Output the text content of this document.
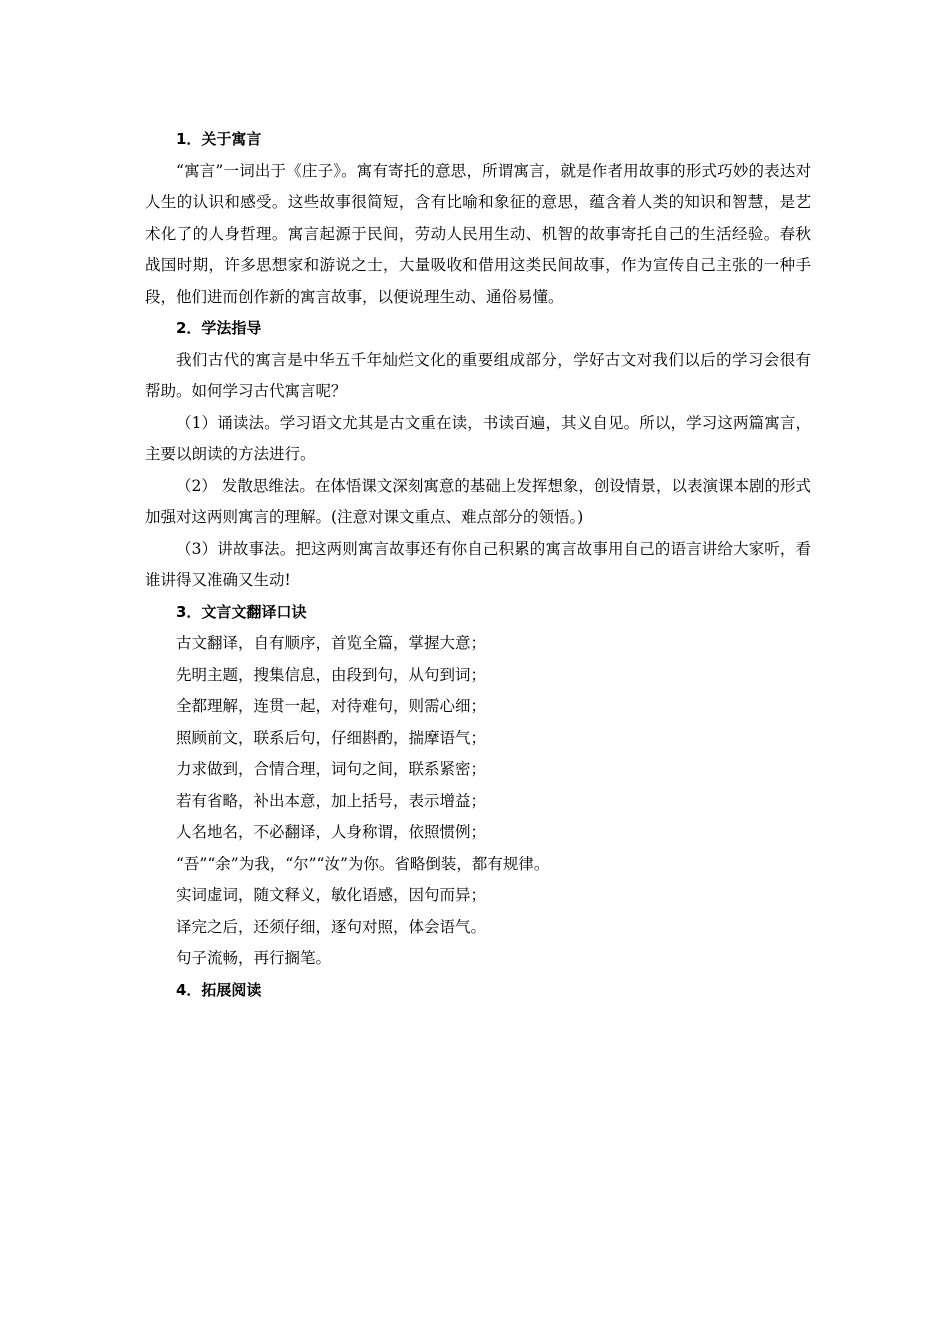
1．关于寓言

“寓言”一词出于《庄子》。寓有寄托的意思，所谓寓言，就是作者用故事的形式巧妙的表达对人生的认识和感受。这些故事很简短，含有比喻和象征的意思，蕴含着人类的知识和智慧，是艺术化了的人身哲理。寓言起源于民间，劳动人民用生动、机智的故事寄托自己的生活经验。春秋战国时期，许多思想家和游说之士，大量吸收和借用这类民间故事，作为宣传自己主张的一种手段，他们进而创作新的寓言故事，以便说理生动、通俗易懂。

2．学法指导

我们古代的寓言是中华五千年灿烂文化的重要组成部分，学好古文对我们以后的学习会很有帮助。如何学习古代寓言呢？

（1）诵读法。学习语文尤其是古文重在读，书读百遍，其义自见。所以，学习这两篇寓言，主要以朗读的方法进行。

（2） 发散思维法。在体悟课文深刻寓意的基础上发挥想象，创设情景，以表演课本剧的形式加强对这两则寓言的理解。(注意对课文重点、难点部分的领悟。)

（3）讲故事法。把这两则寓言故事还有你自己积累的寓言故事用自己的语言讲给大家听，看谁讲得又准确又生动!

3．文言文翻译口诀
古文翻译，自有顺序，首览全篇，掌握大意；
先明主题，搜集信息，由段到句，从句到词；
全都理解，连贯一起，对待难句，则需心细；
照顾前文，联系后句，仔细斟酌，揣摩语气；
力求做到，合情合理，词句之间，联系紧密；
若有省略，补出本意，加上括号，表示增益；
人名地名，不必翻译，人身称谓，依照惯例；
“吾”“余”为我，“尔”“汝”为你。省略倒装，都有规律。
实词虚词，随文释义，敏化语感，因句而异；
译完之后，还须仔细，逐句对照，体会语气。
句子流畅，再行搁笔。
4．拓展阅读
